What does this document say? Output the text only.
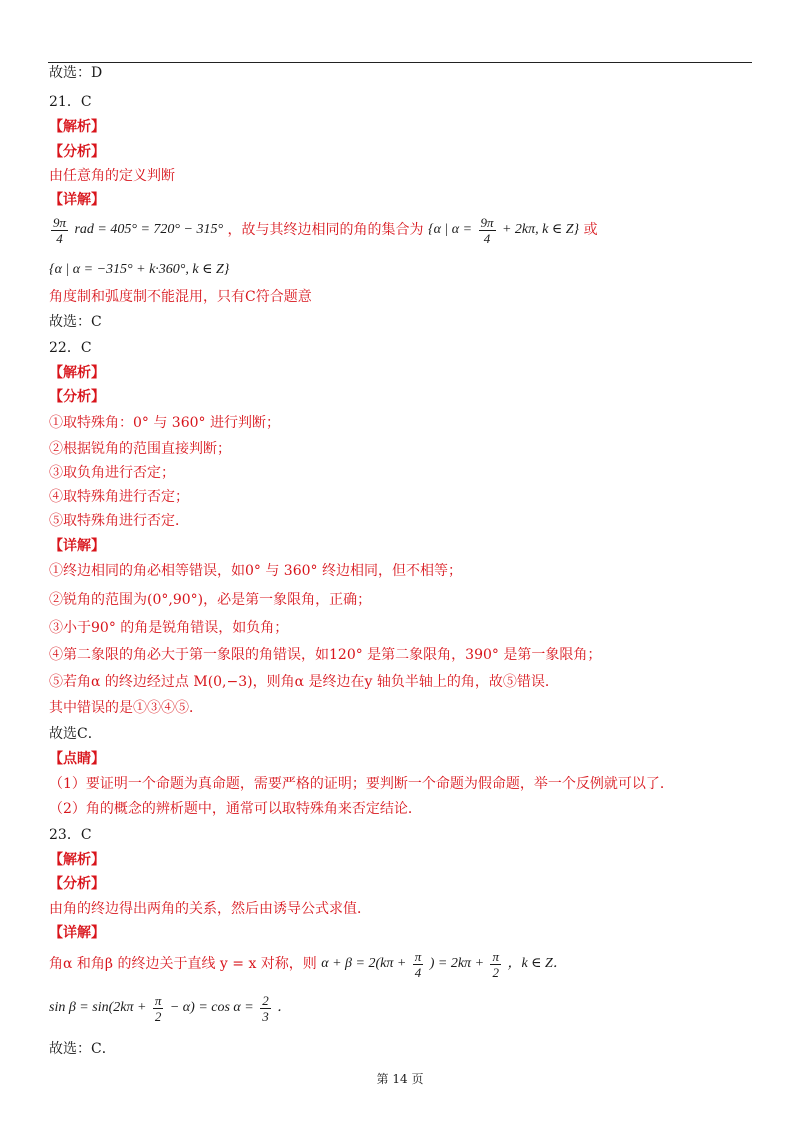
故选：D
21．C
【解析】
【分析】
由任意角的定义判断
【详解】
$\frac{9\pi}{4}$ rad = 405° = 720° − 315° ，故与其终边相同的角的集合为 {α | $\alpha = \frac{9\pi}{4} + 2k\pi$, k ∈ Z} 或
{α | α = −315° + k·360°, k ∈ Z}
角度制和弧度制不能混用，只有C符合题意
故选：C
22．C
【解析】
【分析】
①取特殊角：0° 与 360° 进行判断；
②根据锐角的范围直接判断；
③取负角进行否定；
④取特殊角进行否定；
⑤取特殊角进行否定．
【详解】
①终边相同的角必相等错误，如0° 与 360° 终边相同，但不相等；
②锐角的范围为(0°,90°)，必是第一象限角，正确；
③小于90° 的角是锐角错误，如负角；
④第二象限的角必大于第一象限的角错误，如120° 是第二象限角，390° 是第一象限角；
⑤若角α 的终边经过点 M(0,−3)，则角α 是终边在y 轴负半轴上的角，故⑤错误．
其中错误的是①③④⑤．
故选C．
【点睛】
（1）要证明一个命题为真命题，需要严格的证明；要判断一个命题为假命题，举一个反例就可以了．
（2）角的概念的辨析题中，通常可以取特殊角来否定结论．
23．C
【解析】
【分析】
由角的终边得出两角的关系，然后由诱导公式求值．
【详解】
角α 和角β 的终边关于直线 y = x 对称，则 $\alpha + \beta = 2(k\pi + \frac{\pi}{4}$ ) = $2k\pi + \frac{\pi}{2}$ ，k ∈ Z．
$\sin \beta = \sin(2k\pi + \frac{\pi}{2} - \alpha) = \cos \alpha = \frac{2}{3}$ ．
故选：C．
第 14 页
